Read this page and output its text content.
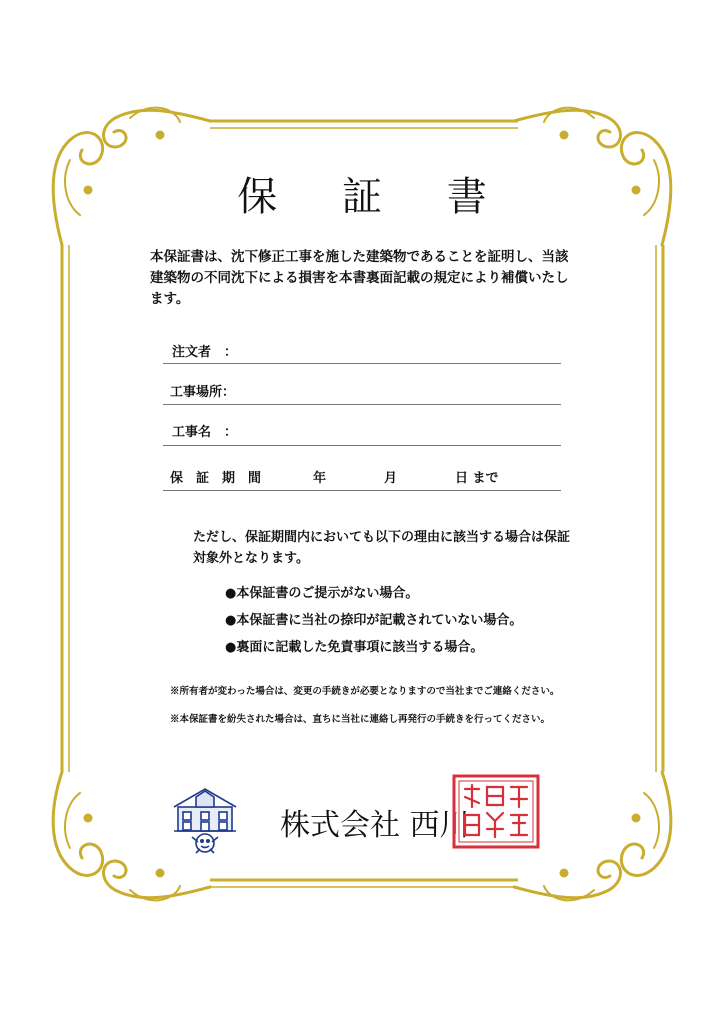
保 証 書
本保証書は、沈下修正工事を施した建築物であることを証明し、当該建築物の不同沈下による損害を本書裏面記載の規定により補償いたします。
注文者　：
工事場所：
工事名　：
保　証　期　間	年	月	日 まで
ただし、保証期間内においても以下の理由に該当する場合は保証対象外となります。
●本保証書のご提示がない場合。
●本保証書に当社の捺印が記載されていない場合。
●裏面に記載した免責事項に該当する場合。
※所有者が変わった場合は、変更の手続きが必要となりますので当社までご連絡ください。
※本保証書を紛失された場合は、直ちに当社に連絡し再発行の手続きを行ってください。
株式会社 西川
